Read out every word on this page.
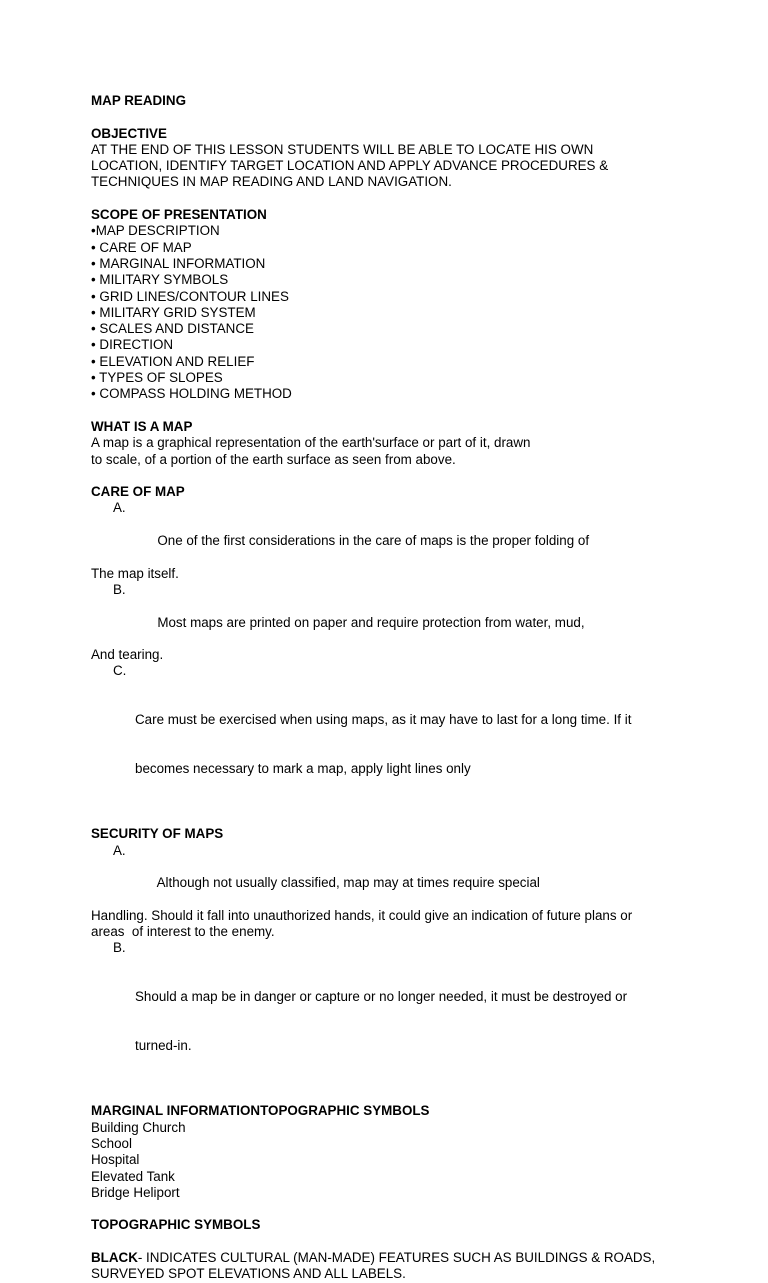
MAP READING
OBJECTIVE
AT THE END OF THIS LESSON STUDENTS WILL BE ABLE TO LOCATE HIS OWN
LOCATION, IDENTIFY TARGET LOCATION AND APPLY ADVANCE PROCEDURES &
TECHNIQUES IN MAP READING AND LAND NAVIGATION.
SCOPE OF PRESENTATION
•MAP DESCRIPTION
• CARE OF MAP
• MARGINAL INFORMATION
• MILITARY SYMBOLS
• GRID LINES/CONTOUR LINES
• MILITARY GRID SYSTEM
• SCALES AND DISTANCE
• DIRECTION
• ELEVATION AND RELIEF
• TYPES OF SLOPES
• COMPASS HOLDING METHOD
WHAT IS A MAP
A map is a graphical representation of the earth'surface or part of it, drawn
to scale, of a portion of the earth surface as seen from above.
CARE OF MAP

A.

One of the first considerations in the care of maps is the proper folding of

The map itself.

B.

Most maps are printed on paper and require protection from water, mud,

And tearing.

C.

Care must be exercised when using maps, as it may have to last for a long time. If it

becomes necessary to mark a map, apply light lines only

SECURITY OF MAPS

A.

Although not usually classified, map may at times require special

Handling. Should it fall into unauthorized hands, it could give an indication of future plans or
areas  of interest to the enemy.

B.

Should a map be in danger or capture or no longer needed, it must be destroyed or

turned-in.

MARGINAL INFORMATIONTOPOGRAPHIC SYMBOLS
Building Church
School
Hospital
Elevated Tank
Bridge Heliport
TOPOGRAPHIC SYMBOLS
BLACK- INDICATES CULTURAL (MAN-MADE) FEATURES SUCH AS BUILDINGS & ROADS,
SURVEYED SPOT ELEVATIONS AND ALL LABELS.
